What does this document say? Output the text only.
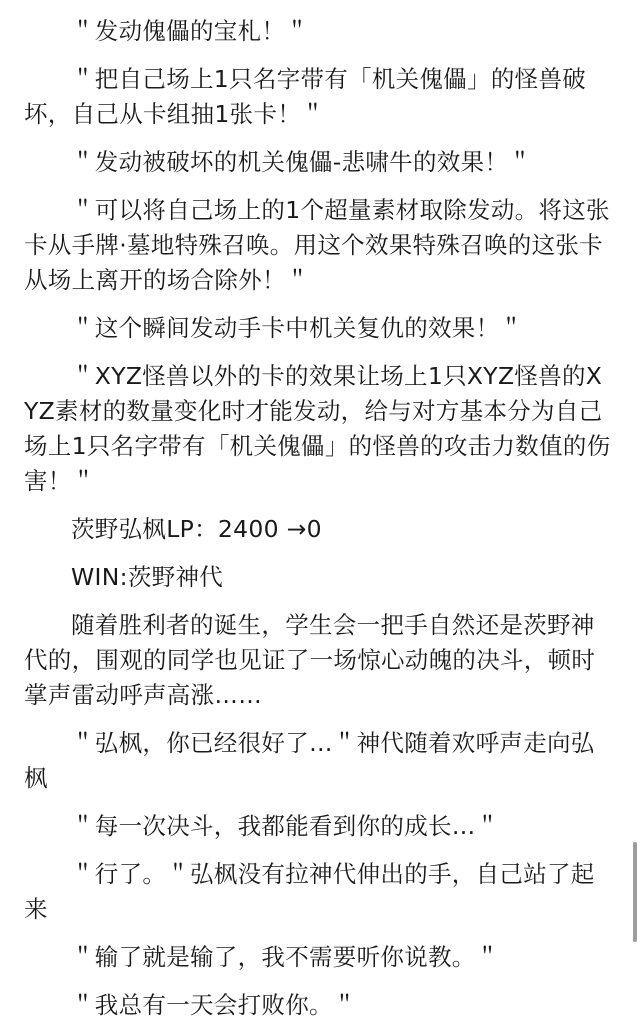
＂发动傀儡的宝札！＂

＂把自己场上1只名字带有「机关傀儡」的怪兽破坏，自己从卡组抽1张卡！＂

＂发动被破坏的机关傀儡-悲啸牛的效果！＂

＂可以将自己场上的1个超量素材取除发动。将这张卡从手牌·墓地特殊召唤。用这个效果特殊召唤的这张卡从场上离开的场合除外！＂

＂这个瞬间发动手卡中机关复仇的效果！＂

＂XYZ怪兽以外的卡的效果让场上1只XYZ怪兽的XYZ素材的数量变化时才能发动，给与对方基本分为自己场上1只名字带有「机关傀儡」的怪兽的攻击力数值的伤害！＂

茨野弘枫LP：2400 →0

WIN:茨野神代

随着胜利者的诞生，学生会一把手自然还是茨野神代的，围观的同学也见证了一场惊心动魄的决斗，顿时掌声雷动呼声高涨……

＂弘枫，你已经很好了…＂神代随着欢呼声走向弘枫

＂每一次决斗，我都能看到你的成长…＂

＂行了。＂弘枫没有拉神代伸出的手，自己站了起来

＂输了就是输了，我不需要听你说教。＂

＂我总有一天会打败你。＂
